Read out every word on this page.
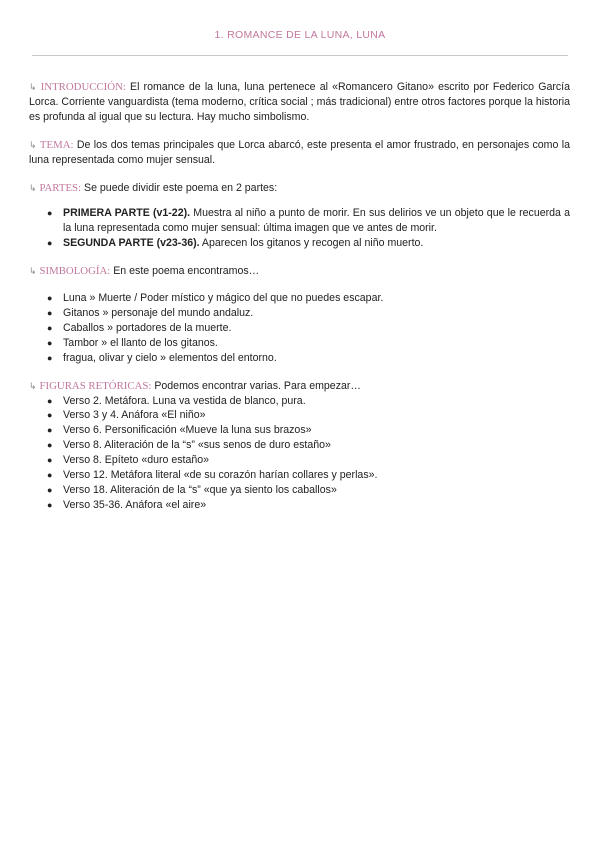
1. ROMANCE DE LA LUNA, LUNA

↳ INTRODUCCIÓN: El romance de la luna, luna pertenece al «Romancero Gitano» escrito por Federico García Lorca. Corriente vanguardista (tema moderno, crítica social ; más tradicional) entre otros factores porque la historia es profunda al igual que su lectura. Hay mucho simbolismo.

↳ TEMA: De los dos temas principales que Lorca abarcó, este presenta el amor frustrado, en personajes como la luna representada como mujer sensual.

↳ PARTES: Se puede dividir este poema en 2 partes:

● PRIMERA PARTE (v1-22). Muestra al niño a punto de morir. En sus delirios ve un objeto que le recuerda a la luna representada como mujer sensual: última imagen que ve antes de morir.
● SEGUNDA PARTE (v23-36). Aparecen los gitanos y recogen al niño muerto.

↳ SIMBOLOGÍA: En este poema encontramos…

● Luna » Muerte / Poder místico y mágico del que no puedes escapar.
● Gitanos » personaje del mundo andaluz.
● Caballos » portadores de la muerte.
● Tambor » el llanto de los gitanos.
● fragua, olivar y cielo » elementos del entorno.

↳ FIGURAS RETÓRICAS: Podemos encontrar varias. Para empezar…

● Verso 2. Metáfora. Luna va vestida de blanco, pura.
● Verso 3 y 4. Anáfora «El niño»
● Verso 6. Personificación «Mueve la luna sus brazos»
● Verso 8. Aliteración de la “s” «sus senos de duro estaño»
● Verso 8. Epíteto «duro estaño»
● Verso 12. Metáfora literal «de su corazón harían collares y perlas».
● Verso 18. Aliteración de la “s” «que ya siento los caballos»
● Verso 35-36. Anáfora «el aire»
